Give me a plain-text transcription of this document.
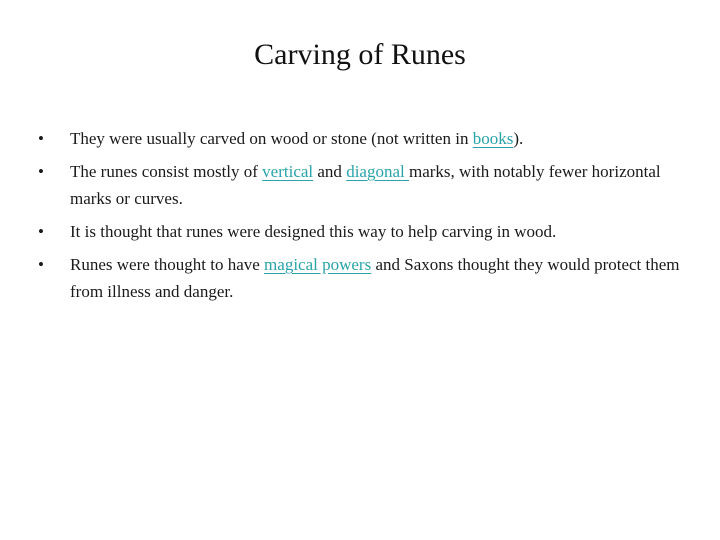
Carving of Runes
• They were usually carved on wood or stone (not written in books).
• The runes consist mostly of vertical and diagonal marks, with notably fewer horizontal marks or curves.
• It is thought that runes were designed this way to help carving in wood.
• Runes were thought to have magical powers and Saxons thought they would protect them from illness and danger.
